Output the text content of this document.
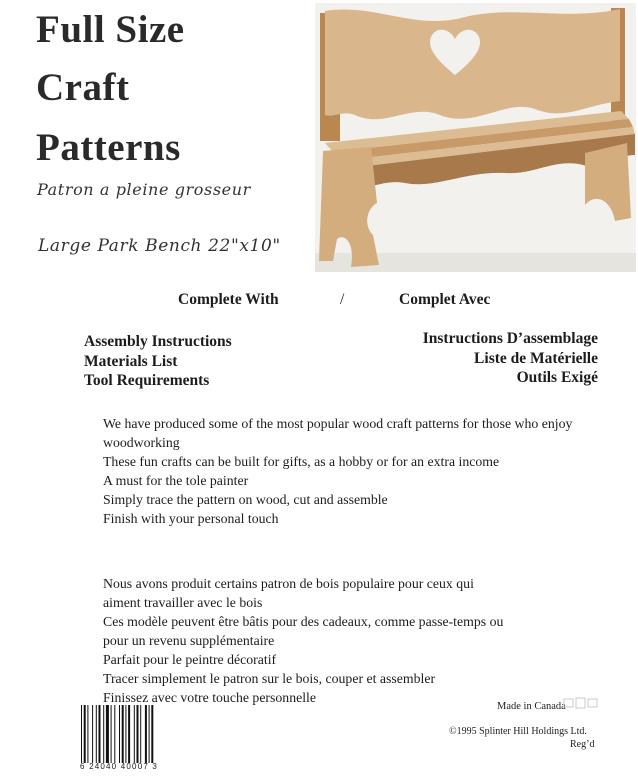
Full Size
Craft
Patterns
Patron a pleine grosseur
Large Park Bench 22"x10"
Complete With	/	Complet Avec
Assembly Instructions
Materials List
Tool Requirements
Instructions D’assemblage
Liste de Matérielle
Outils Exigé
We have produced some of the most popular wood craft patterns for those who enjoy
woodworking
These fun crafts can be built for gifts, as a hobby or for an extra income
A must for the tole painter
Simply trace the pattern on wood, cut and assemble
Finish with your personal touch
Nous avons produit certains patron de bois populaire pour ceux qui
aiment travailler avec le bois
Ces modèle peuvent être bâtis pour des cadeaux, comme passe-temps ou
pour un revenu supplémentaire
Parfait pour le peintre décoratif
Tracer simplement le patron sur le bois, couper et assembler
Finissez avec votre touche personnelle
Made in Canada
©1995 Splinter Hill Holdings Ltd.
Reg’d
6 24040 40007 3
